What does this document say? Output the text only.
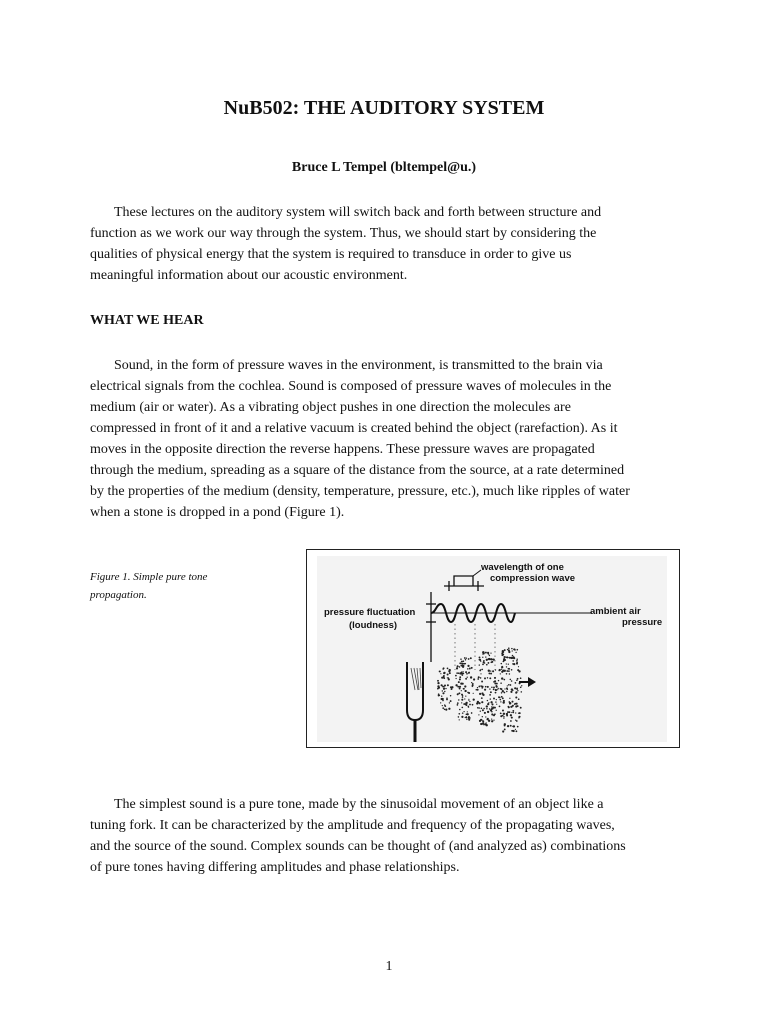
NuB502: THE AUDITORY SYSTEM
Bruce L Tempel (bltempel@u.)
These lectures on the auditory system will switch back and forth between structure and
function as we work our way through the system. Thus, we should start by considering the
qualities of physical energy that the system is required to transduce in order to give us
meaningful information about our acoustic environment.
WHAT WE HEAR
Sound, in the form of pressure waves in the environment, is transmitted to the brain via
electrical signals from the cochlea. Sound is composed of pressure waves of molecules in the
medium (air or water). As a vibrating object pushes in one direction the molecules are
compressed in front of it and a relative vacuum is created behind the object (rarefaction). As it
moves in the opposite direction the reverse happens. These pressure waves are propagated
through the medium, spreading as a square of the distance from the source, at a rate determined
by the properties of the medium (density, temperature, pressure, etc.), much like ripples of water
when a stone is dropped in a pond (Figure 1).
Figure 1. Simple pure tone
propagation.
wavelength of one
compression wave
pressure fluctuation
(loudness)
ambient air
pressure
The simplest sound is a pure tone, made by the sinusoidal movement of an object like a
tuning fork. It can be characterized by the amplitude and frequency of the propagating waves,
and the source of the sound. Complex sounds can be thought of (and analyzed as) combinations
of pure tones having differing amplitudes and phase relationships.
1
